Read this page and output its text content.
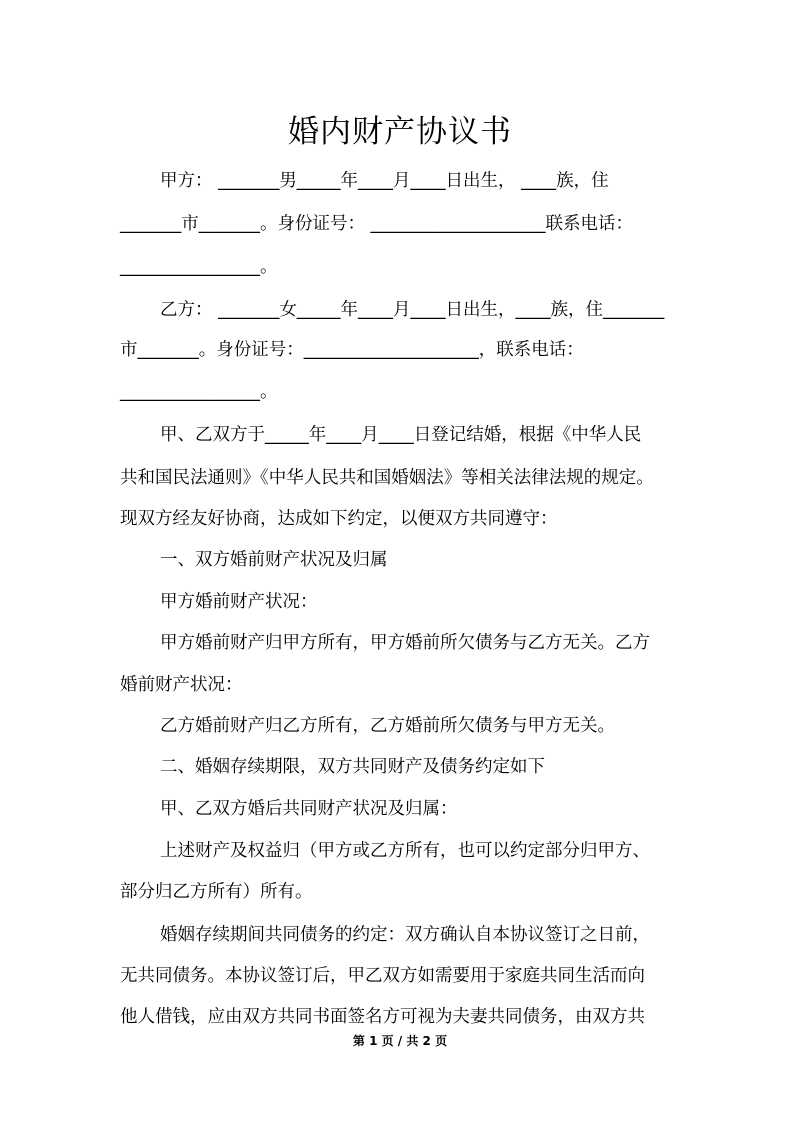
婚内财产协议书
甲方： _______男_____年____月____日出生， ____族，住
_______市_______。身份证号： ____________________联系电话：
________________。
乙方： _______女_____年____月____日出生，____族，住_______
市_______。身份证号：____________________，联系电话：
________________。
甲、乙双方于_____年____月____日登记结婚，根据《中华人民
共和国民法通则》《中华人民共和国婚姻法》等相关法律法规的规定。
现双方经友好协商，达成如下约定，以便双方共同遵守：
一、双方婚前财产状况及归属
甲方婚前财产状况：
甲方婚前财产归甲方所有，甲方婚前所欠债务与乙方无关。乙方
婚前财产状况：
乙方婚前财产归乙方所有，乙方婚前所欠债务与甲方无关。
二、婚姻存续期限，双方共同财产及债务约定如下
甲、乙双方婚后共同财产状况及归属：
上述财产及权益归（甲方或乙方所有，也可以约定部分归甲方、
部分归乙方所有）所有。
婚姻存续期间共同债务的约定：双方确认自本协议签订之日前，
无共同债务。本协议签订后，甲乙双方如需要用于家庭共同生活而向
他人借钱，应由双方共同书面签名方可视为夫妻共同债务，由双方共
第 1 页 / 共 2 页
